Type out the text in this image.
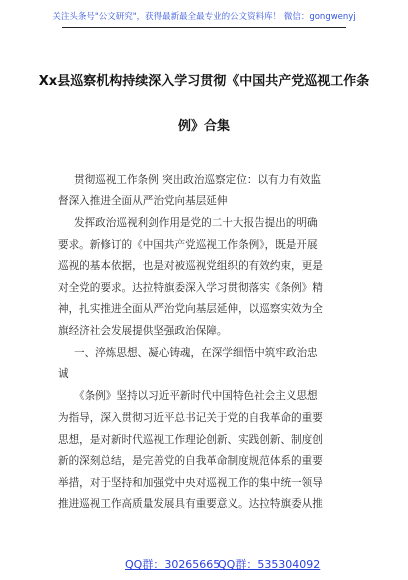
关注头条号"公文研究"，获得最新最全最专业的公文资料库！ 微信：gongwenyj
Xx县巡察机构持续深入学习贯彻《中国共产党巡视工作条
例》合集
贯彻巡视工作条例 突出政治巡察定位：以有力有效监
督深入推进全面从严治党向基层延伸
发挥政治巡视利剑作用是党的二十大报告提出的明确
要求。新修订的《中国共产党巡视工作条例》，既是开展
巡视的基本依据，也是对被巡视党组织的有效约束，更是
对全党的要求。达拉特旗委深入学习贯彻落实《条例》精
神，扎实推进全面从严治党向基层延伸，以巡察实效为全
旗经济社会发展提供坚强政治保障。
一、淬炼思想、凝心铸魂，在深学细悟中筑牢政治忠
诚
《条例》坚持以习近平新时代中国特色社会主义思想
为指导，深入贯彻习近平总书记关于党的自我革命的重要
思想，是对新时代巡视工作理论创新、实践创新、制度创
新的深刻总结，是完善党的自我革命制度规范体系的重要
举措，对于坚持和加强党中央对巡视工作的集中统一领导
推进巡视工作高质量发展具有重要意义。达拉特旗委从推
QQ群：30265665
QQ群：535304092
